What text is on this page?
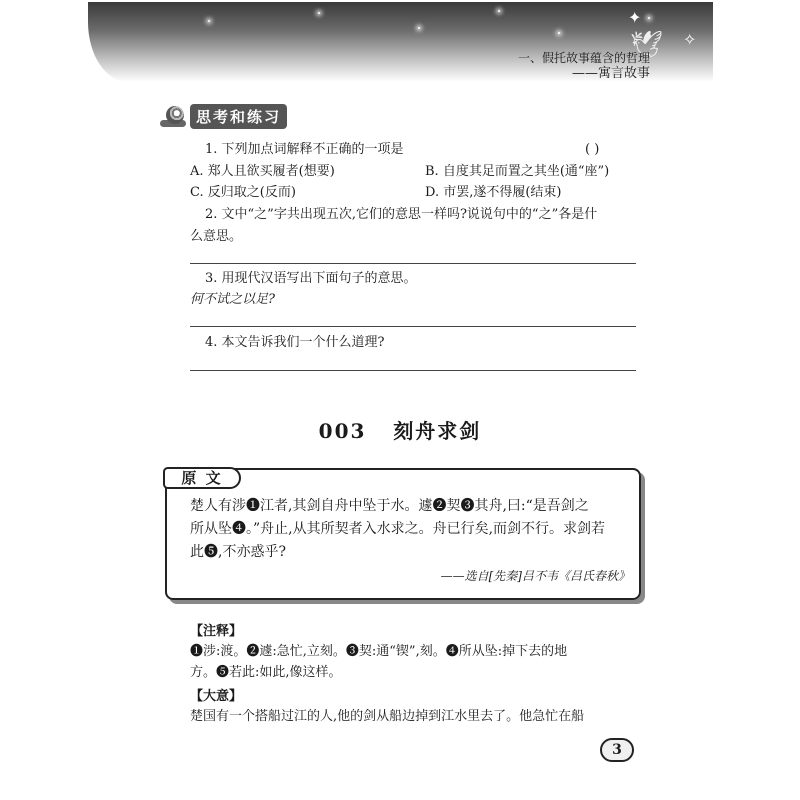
✦
✧
🕊
一、假托故事蕴含的哲理
——寓言故事
思考和练习
1. 下列加点词解释不正确的一项是	( )
A. 郑人且欲买履者(想要)	B. 自度其足而置之其坐(通“座”)
C. 反归取之(反而)	D. 市罢,遂不得履(结束)
2. 文中“之”字共出现五次,它们的意思一样吗?说说句中的“之”各是什
么意思。
3. 用现代汉语写出下面句子的意思。
何不试之以足?
4. 本文告诉我们一个什么道理?
003 刻舟求剑
原 文
楚人有涉❶江者,其剑自舟中坠于水。遽❷契❸其舟,曰:“是吾剑之
所从坠❹。”舟止,从其所契者入水求之。舟已行矣,而剑不行。求剑若
此❺,不亦惑乎?
——选自[先秦]吕不韦《吕氏春秋》
【注释】
❶涉:渡。❷遽:急忙,立刻。❸契:通“锲”,刻。❹所从坠:掉下去的地
方。❺若此:如此,像这样。
【大意】
楚国有一个搭船过江的人,他的剑从船边掉到江水里去了。他急忙在船
3
